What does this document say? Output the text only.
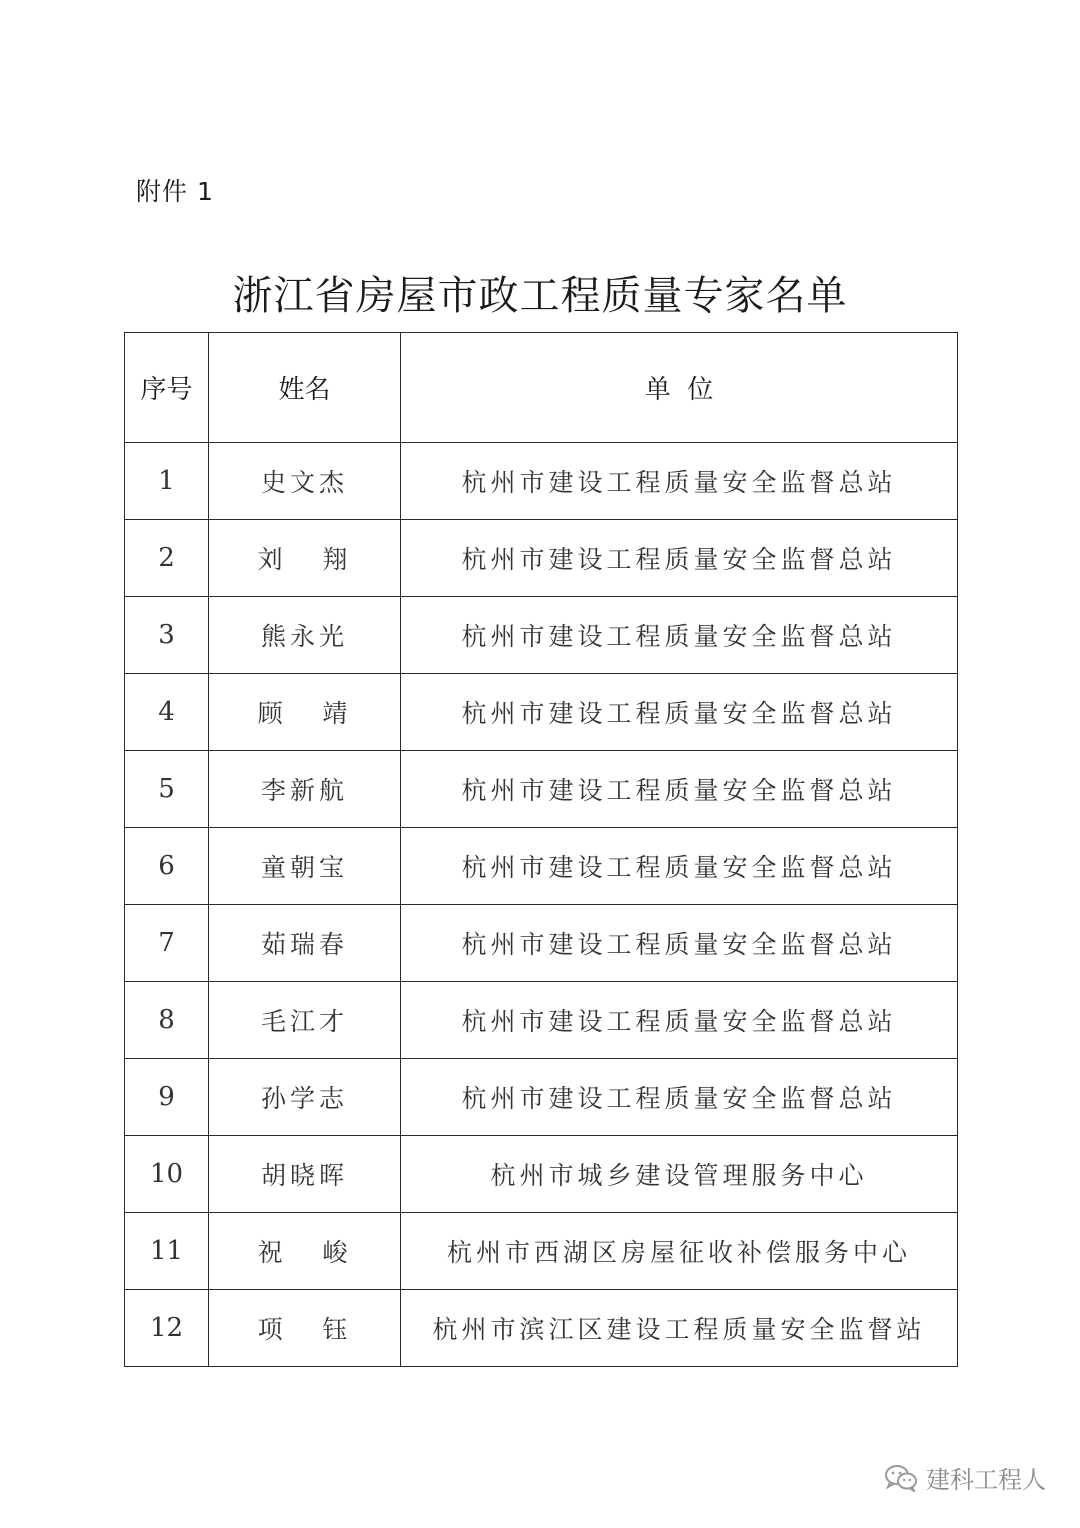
附件 1
浙江省房屋市政工程质量专家名单
序号	姓名	单  位
1	史文杰	杭州市建设工程质量安全监督总站
2	刘   翔	杭州市建设工程质量安全监督总站
3	熊永光	杭州市建设工程质量安全监督总站
4	顾   靖	杭州市建设工程质量安全监督总站
5	李新航	杭州市建设工程质量安全监督总站
6	童朝宝	杭州市建设工程质量安全监督总站
7	茹瑞春	杭州市建设工程质量安全监督总站
8	毛江才	杭州市建设工程质量安全监督总站
9	孙学志	杭州市建设工程质量安全监督总站
10	胡晓晖	杭州市城乡建设管理服务中心
11	祝   峻	杭州市西湖区房屋征收补偿服务中心
12	项   钰	杭州市滨江区建设工程质量安全监督站
建科工程人
